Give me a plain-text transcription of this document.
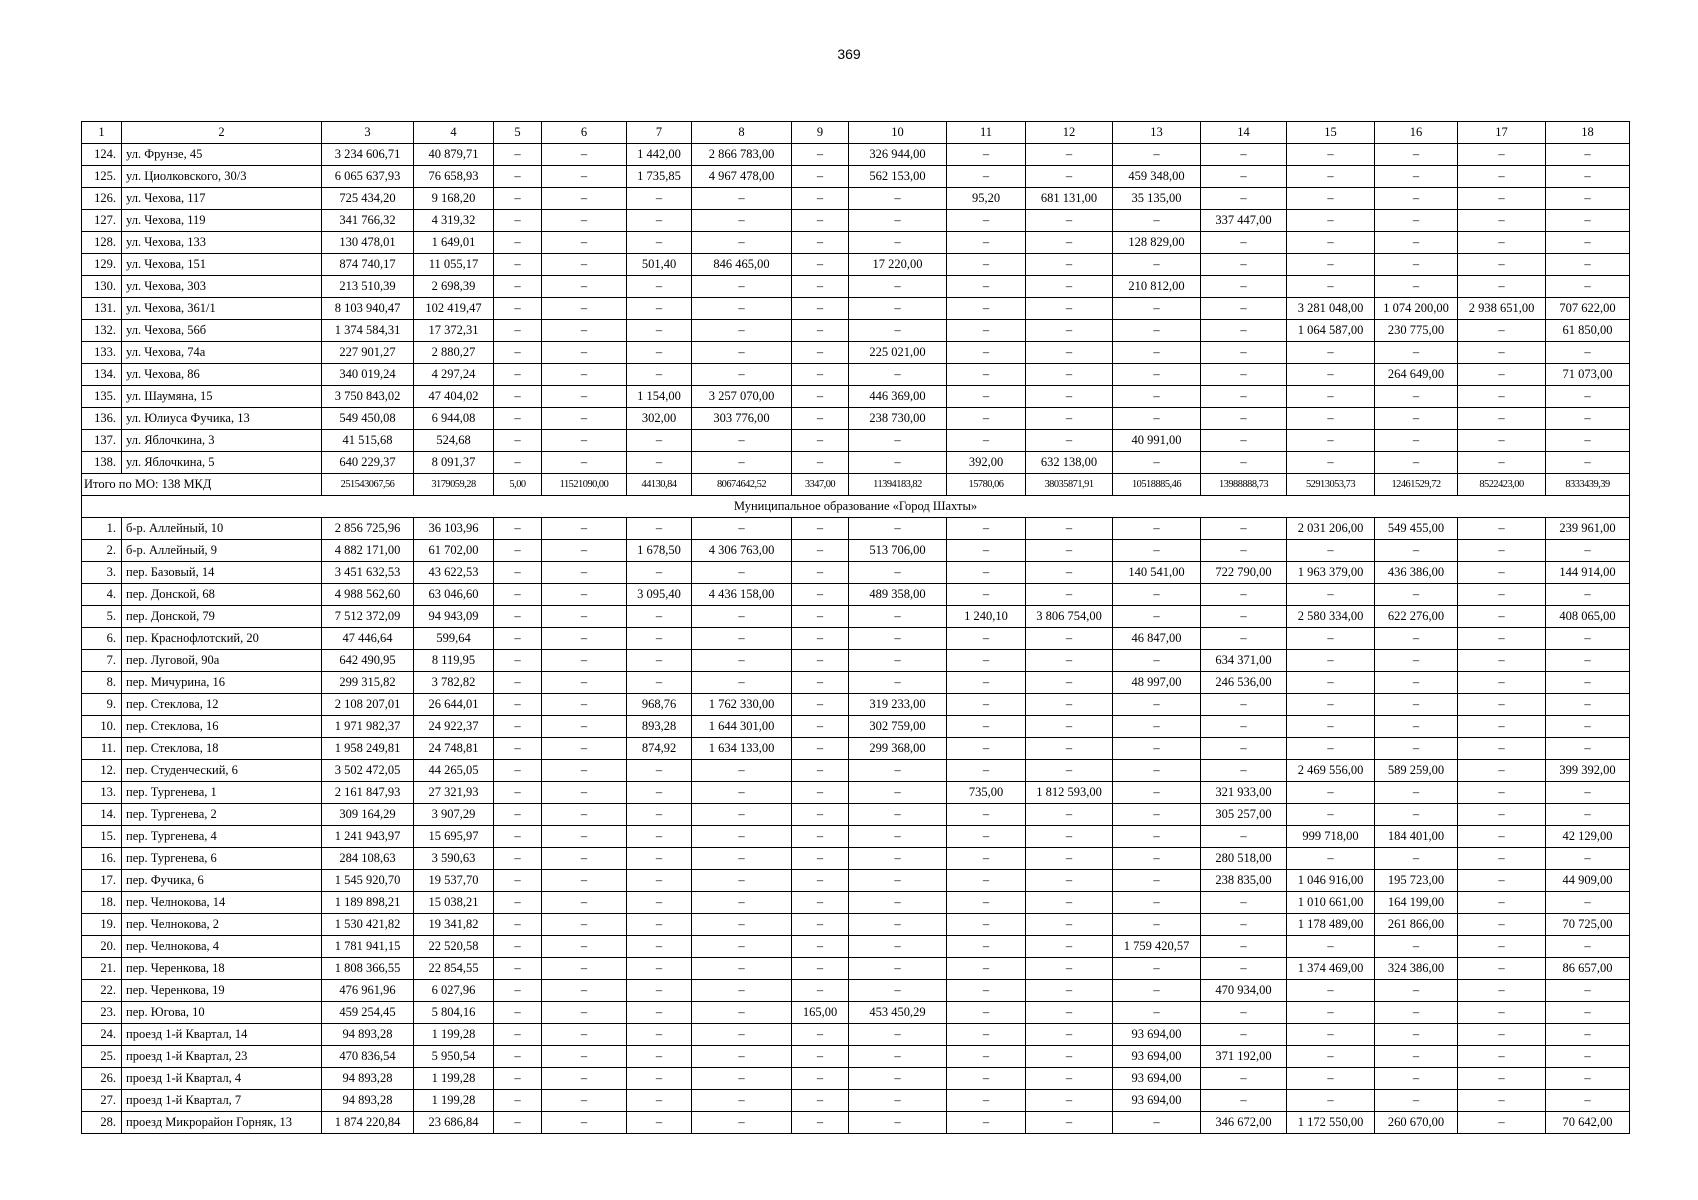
369
1	2	3	4	5	6	7	8	9	10	11	12	13	14	15	16	17	18
124.	ул. Фрунзе, 45	3 234 606,71	40 879,71	–	–	1 442,00	2 866 783,00	–	326 944,00	–	–	–	–	–	–	–	–
125.	ул. Циолковского, 30/3	6 065 637,93	76 658,93	–	–	1 735,85	4 967 478,00	–	562 153,00	–	–	459 348,00	–	–	–	–	–
126.	ул. Чехова, 117	725 434,20	9 168,20	–	–	–	–	–	–	95,20	681 131,00	35 135,00	–	–	–	–	–
127.	ул. Чехова, 119	341 766,32	4 319,32	–	–	–	–	–	–	–	–	–	337 447,00	–	–	–	–
128.	ул. Чехова, 133	130 478,01	1 649,01	–	–	–	–	–	–	–	–	128 829,00	–	–	–	–	–
129.	ул. Чехова, 151	874 740,17	11 055,17	–	–	501,40	846 465,00	–	17 220,00	–	–	–	–	–	–	–	–
130.	ул. Чехова, 303	213 510,39	2 698,39	–	–	–	–	–	–	–	–	210 812,00	–	–	–	–	–
131.	ул. Чехова, 361/1	8 103 940,47	102 419,47	–	–	–	–	–	–	–	–	–	–	3 281 048,00	1 074 200,00	2 938 651,00	707 622,00
132.	ул. Чехова, 56б	1 374 584,31	17 372,31	–	–	–	–	–	–	–	–	–	–	1 064 587,00	230 775,00	–	61 850,00
133.	ул. Чехова, 74а	227 901,27	2 880,27	–	–	–	–	–	225 021,00	–	–	–	–	–	–	–	–
134.	ул. Чехова, 86	340 019,24	4 297,24	–	–	–	–	–	–	–	–	–	–	–	264 649,00	–	71 073,00
135.	ул. Шаумяна, 15	3 750 843,02	47 404,02	–	–	1 154,00	3 257 070,00	–	446 369,00	–	–	–	–	–	–	–	–
136.	ул. Юлиуса Фучика, 13	549 450,08	6 944,08	–	–	302,00	303 776,00	–	238 730,00	–	–	–	–	–	–	–	–
137.	ул. Яблочкина, 3	41 515,68	524,68	–	–	–	–	–	–	–	–	40 991,00	–	–	–	–	–
138.	ул. Яблочкина, 5	640 229,37	8 091,37	–	–	–	–	–	–	392,00	632 138,00	–	–	–	–	–	–
Итого по МО: 138 МКД		251543067,56	3179059,28	5,00	11521090,00	44130,84	80674642,52	3347,00	11394183,82	15780,06	38035871,91	10518885,46	13988888,73	52913053,73	12461529,72	8522423,00	8333439,39
Муниципальное образование «Город Шахты»																	
1.	б-р. Аллейный, 10	2 856 725,96	36 103,96	–	–	–	–	–	–	–	–	–	–	2 031 206,00	549 455,00	–	239 961,00
2.	б-р. Аллейный, 9	4 882 171,00	61 702,00	–	–	1 678,50	4 306 763,00	–	513 706,00	–	–	–	–	–	–	–	–
3.	пер. Базовый, 14	3 451 632,53	43 622,53	–	–	–	–	–	–	–	–	140 541,00	722 790,00	1 963 379,00	436 386,00	–	144 914,00
4.	пер. Донской, 68	4 988 562,60	63 046,60	–	–	3 095,40	4 436 158,00	–	489 358,00	–	–	–	–	–	–	–	–
5.	пер. Донской, 79	7 512 372,09	94 943,09	–	–	–	–	–	–	1 240,10	3 806 754,00	–	–	2 580 334,00	622 276,00	–	408 065,00
6.	пер. Краснофлотский, 20	47 446,64	599,64	–	–	–	–	–	–	–	–	46 847,00	–	–	–	–	–
7.	пер. Луговой, 90а	642 490,95	8 119,95	–	–	–	–	–	–	–	–	–	634 371,00	–	–	–	–
8.	пер. Мичурина, 16	299 315,82	3 782,82	–	–	–	–	–	–	–	–	48 997,00	246 536,00	–	–	–	–
9.	пер. Стеклова, 12	2 108 207,01	26 644,01	–	–	968,76	1 762 330,00	–	319 233,00	–	–	–	–	–	–	–	–
10.	пер. Стеклова, 16	1 971 982,37	24 922,37	–	–	893,28	1 644 301,00	–	302 759,00	–	–	–	–	–	–	–	–
11.	пер. Стеклова, 18	1 958 249,81	24 748,81	–	–	874,92	1 634 133,00	–	299 368,00	–	–	–	–	–	–	–	–
12.	пер. Студенческий, 6	3 502 472,05	44 265,05	–	–	–	–	–	–	–	–	–	–	2 469 556,00	589 259,00	–	399 392,00
13.	пер. Тургенева, 1	2 161 847,93	27 321,93	–	–	–	–	–	–	735,00	1 812 593,00	–	321 933,00	–	–	–	–
14.	пер. Тургенева, 2	309 164,29	3 907,29	–	–	–	–	–	–	–	–	–	305 257,00	–	–	–	–
15.	пер. Тургенева, 4	1 241 943,97	15 695,97	–	–	–	–	–	–	–	–	–	–	999 718,00	184 401,00	–	42 129,00
16.	пер. Тургенева, 6	284 108,63	3 590,63	–	–	–	–	–	–	–	–	–	280 518,00	–	–	–	–
17.	пер. Фучика, 6	1 545 920,70	19 537,70	–	–	–	–	–	–	–	–	–	238 835,00	1 046 916,00	195 723,00	–	44 909,00
18.	пер. Челнокова, 14	1 189 898,21	15 038,21	–	–	–	–	–	–	–	–	–	–	1 010 661,00	164 199,00	–	–
19.	пер. Челнокова, 2	1 530 421,82	19 341,82	–	–	–	–	–	–	–	–	–	–	1 178 489,00	261 866,00	–	70 725,00
20.	пер. Челнокова, 4	1 781 941,15	22 520,58	–	–	–	–	–	–	–	–	1 759 420,57	–	–	–	–	–
21.	пер. Черенкова, 18	1 808 366,55	22 854,55	–	–	–	–	–	–	–	–	–	–	1 374 469,00	324 386,00	–	86 657,00
22.	пер. Черенкова, 19	476 961,96	6 027,96	–	–	–	–	–	–	–	–	–	470 934,00	–	–	–	–
23.	пер. Югова, 10	459 254,45	5 804,16	–	–	–	–	165,00	453 450,29	–	–	–	–	–	–	–	–
24.	проезд 1-й Квартал, 14	94 893,28	1 199,28	–	–	–	–	–	–	–	–	93 694,00	–	–	–	–	–
25.	проезд 1-й Квартал, 23	470 836,54	5 950,54	–	–	–	–	–	–	–	–	93 694,00	371 192,00	–	–	–	–
26.	проезд 1-й Квартал, 4	94 893,28	1 199,28	–	–	–	–	–	–	–	–	93 694,00	–	–	–	–	–
27.	проезд 1-й Квартал, 7	94 893,28	1 199,28	–	–	–	–	–	–	–	–	93 694,00	–	–	–	–	–
28.	проезд Микрорайон Горняк, 13	1 874 220,84	23 686,84	–	–	–	–	–	–	–	–	–	346 672,00	1 172 550,00	260 670,00	–	70 642,00
